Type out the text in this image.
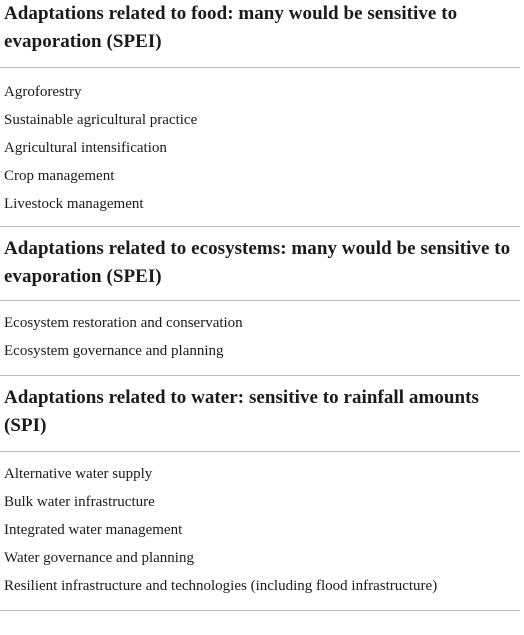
Adaptations related to food: many would be sensitive to evaporation (SPEI)
Agroforestry
Sustainable agricultural practice
Agricultural intensification
Crop management
Livestock management
Adaptations related to ecosystems: many would be sensitive to evaporation (SPEI)
Ecosystem restoration and conservation
Ecosystem governance and planning
Adaptations related to water: sensitive to rainfall amounts (SPI)
Alternative water supply
Bulk water infrastructure
Integrated water management
Water governance and planning
Resilient infrastructure and technologies (including flood infrastructure)
